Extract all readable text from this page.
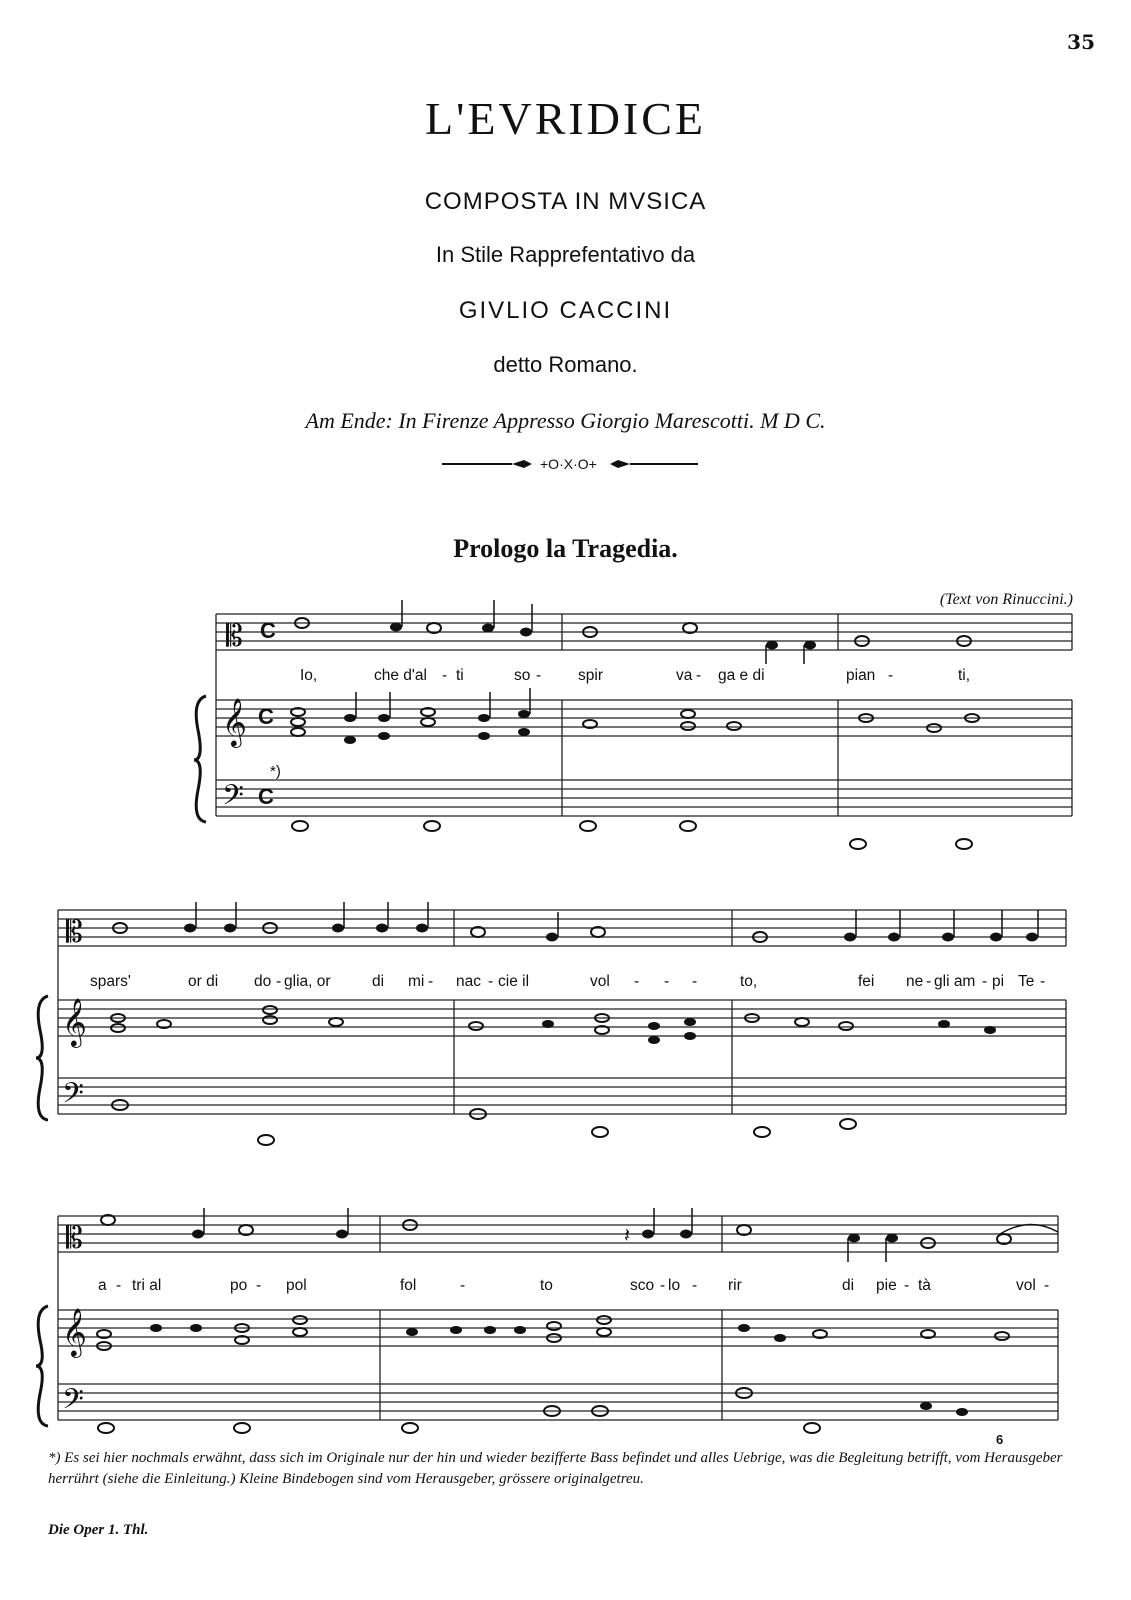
35
L'EVRIDICE
COMPOSTA IN MVSICA
In Stile Rapprefentativo da
GIVLIO CACCINI
detto Romano.
Am Ende: In Firenze Appresso Giorgio Marescotti. M D C.
+O·X·O+
Prologo la Tragedia.
(Text von Rinuccini.)
𝄡 C
𝄞 C
𝄢 C
Io,	che d'al - ti	so - spir	va - ga e di	pian -	ti,
*)
𝄡
𝄞
𝄢
spars'	or di do - glia, or	di mi - nac - cie il	vol - - -	to,	fei ne - gli am - pi Te -
𝄡
𝄞
𝄢
𝄽
a - tri al	po - pol	fol	-	to	sco - lo - rir	di pie - tà	vol -
6
*) Es sei hier nochmals erwähnt, dass sich im Originale nur der hin und wieder bezifferte Bass befindet und alles Uebrige, was die Begleitung betrifft, vom Herausgeber herrührt (siehe die Einleitung.) Kleine Bindebogen sind vom Herausgeber, grössere originalgetreu.
Die Oper 1. Thl.
